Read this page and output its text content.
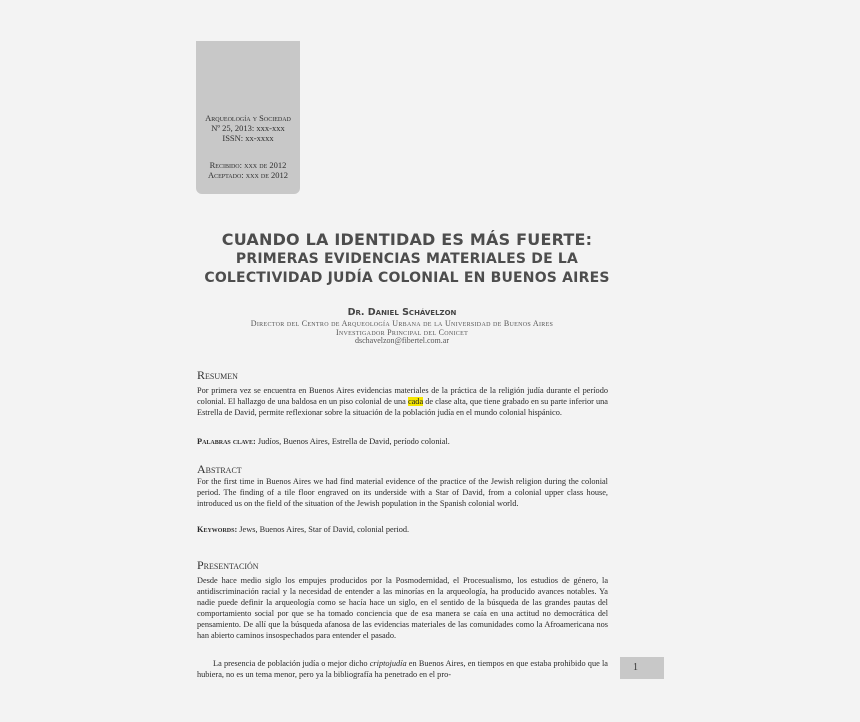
Arqueología y Sociedad
Nº 25, 2013: xxx-xxx
ISSN: xx-xxxx
Recibido: xxx de 2012
Aceptado: xxx de 2012
CUANDO LA IDENTIDAD ES MÁS FUERTE:
PRIMERAS EVIDENCIAS MATERIALES DE LA
COLECTIVIDAD JUDÍA COLONIAL EN BUENOS AIRES
Dr. Daniel Schávelzon
Director del Centro de Arqueología Urbana de la Universidad de Buenos Aires
Investigador Principal del Conicet
dschavelzon@fibertel.com.ar
Resumen
Por primera vez se encuentra en Buenos Aires evidencias materiales de la práctica de la religión judía durante el período colonial. El hallazgo de una baldosa en un piso colonial de una cada de clase alta, que tiene grabado en su parte inferior una Estrella de David, permite reflexionar sobre la situación de la población judía en el mundo colonial hispánico.
Palabras clave: Judíos, Buenos Aires, Estrella de David, período colonial.
Abstract
For the first time in Buenos Aires we had find material evidence of the practice of the Jewish religion during the colonial period. The finding of a tile floor engraved on its underside with a Star of David, from a colonial upper class house, introduced us on the field of the situation of the Jewish population in the Spanish colonial world.
Keywords: Jews, Buenos Aires, Star of David, colonial period.
Presentación
Desde hace medio siglo los empujes producidos por la Posmodernidad, el Procesualismo, los estudios de género, la antidiscriminación racial y la necesidad de entender a las minorías en la arqueología, ha producido avances notables. Ya nadie puede definir la arqueología como se hacía hace un siglo, en el sentido de la búsqueda de las grandes pautas del comportamiento social por que se ha tomado conciencia que de esa manera se caía en una actitud no democrática del pensamiento. De allí que la búsqueda afanosa de las evidencias materiales de las comunidades como la Afroamericana nos han abierto caminos insospechados para entender el pasado.
La presencia de población judía o mejor dicho criptojudía en Buenos Aires, en tiempos en que estaba prohibido que la hubiera, no es un tema menor, pero ya la bibliografía ha penetrado en el pro-
1
